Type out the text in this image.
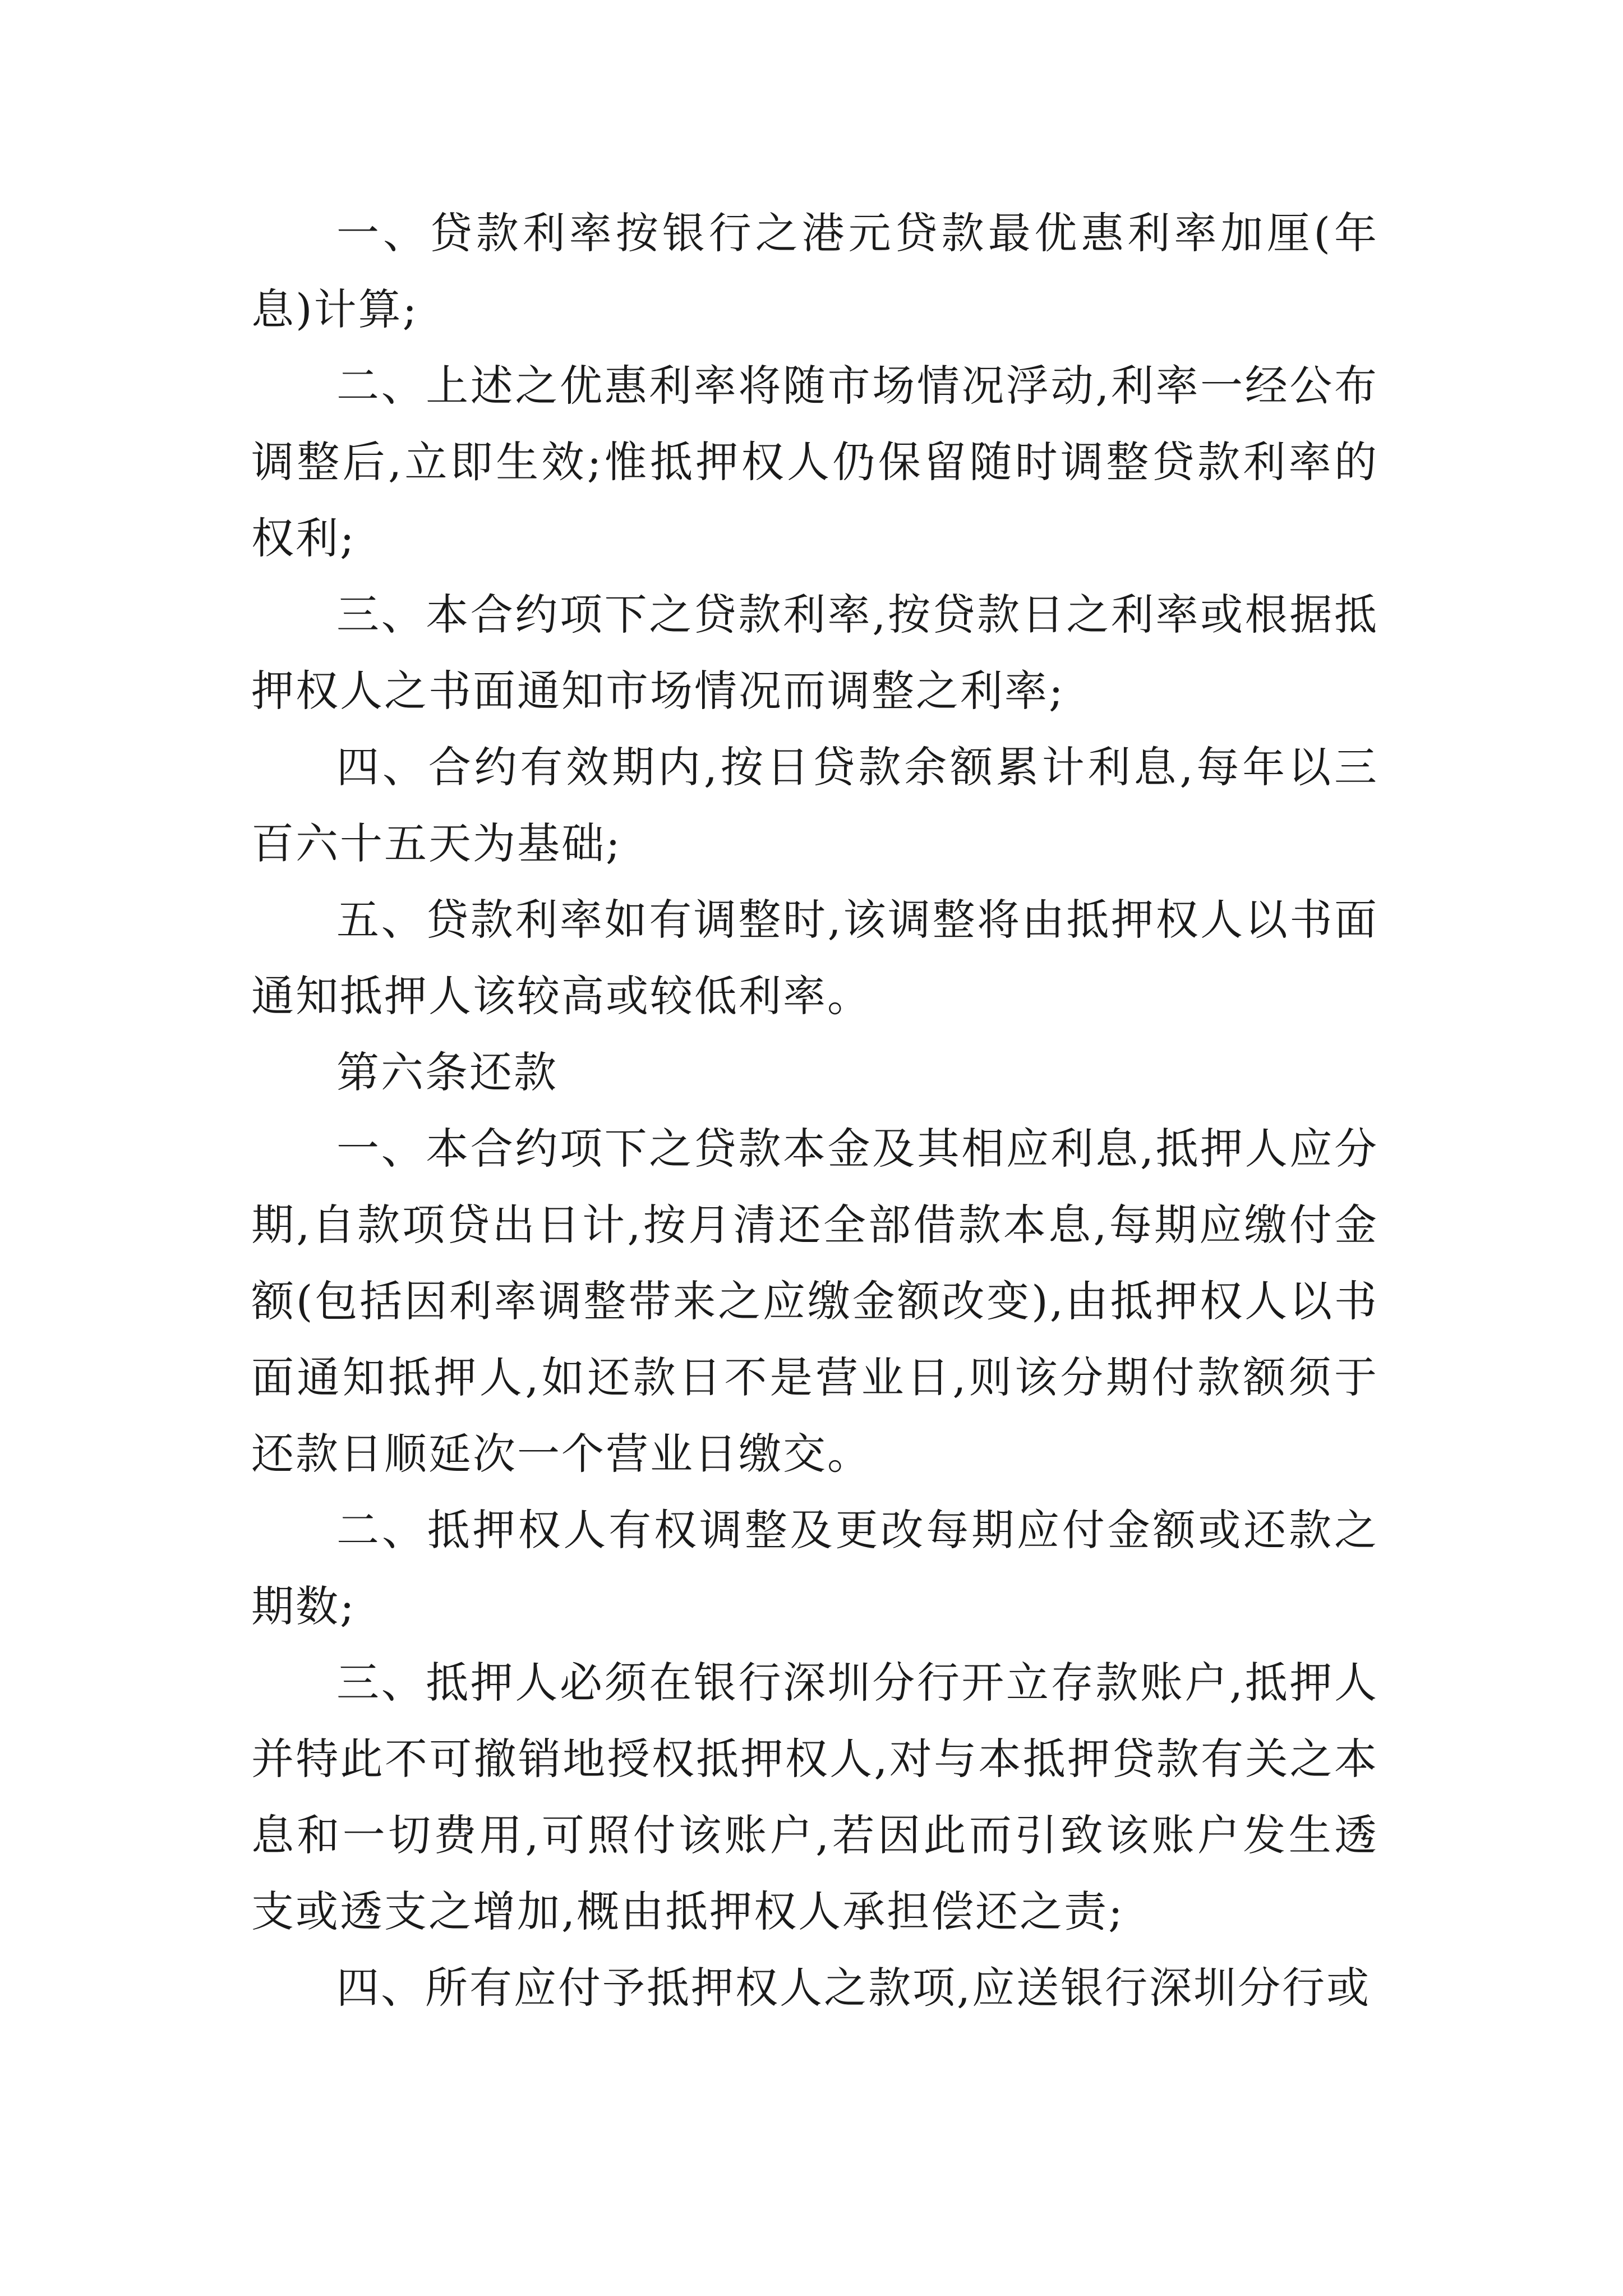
一、贷款利率按银行之港元贷款最优惠利率加厘(年息)计算;

二、上述之优惠利率将随市场情况浮动,利率一经公布调整后,立即生效;惟抵押权人仍保留随时调整贷款利率的权利;

三、本合约项下之贷款利率,按贷款日之利率或根据抵押权人之书面通知市场情况而调整之利率;

四、合约有效期内,按日贷款余额累计利息,每年以三百六十五天为基础;

五、贷款利率如有调整时,该调整将由抵押权人以书面通知抵押人该较高或较低利率。

第六条还款

一、本合约项下之贷款本金及其相应利息,抵押人应分期,自款项贷出日计,按月清还全部借款本息,每期应缴付金额(包括因利率调整带来之应缴金额改变),由抵押权人以书面通知抵押人,如还款日不是营业日,则该分期付款额须于还款日顺延次一个营业日缴交。

二、抵押权人有权调整及更改每期应付金额或还款之期数;

三、抵押人必须在银行深圳分行开立存款账户,抵押人并特此不可撤销地授权抵押权人,对与本抵押贷款有关之本息和一切费用,可照付该账户,若因此而引致该账户发生透支或透支之增加,概由抵押权人承担偿还之责;

四、所有应付予抵押权人之款项,应送银行深圳分行或
